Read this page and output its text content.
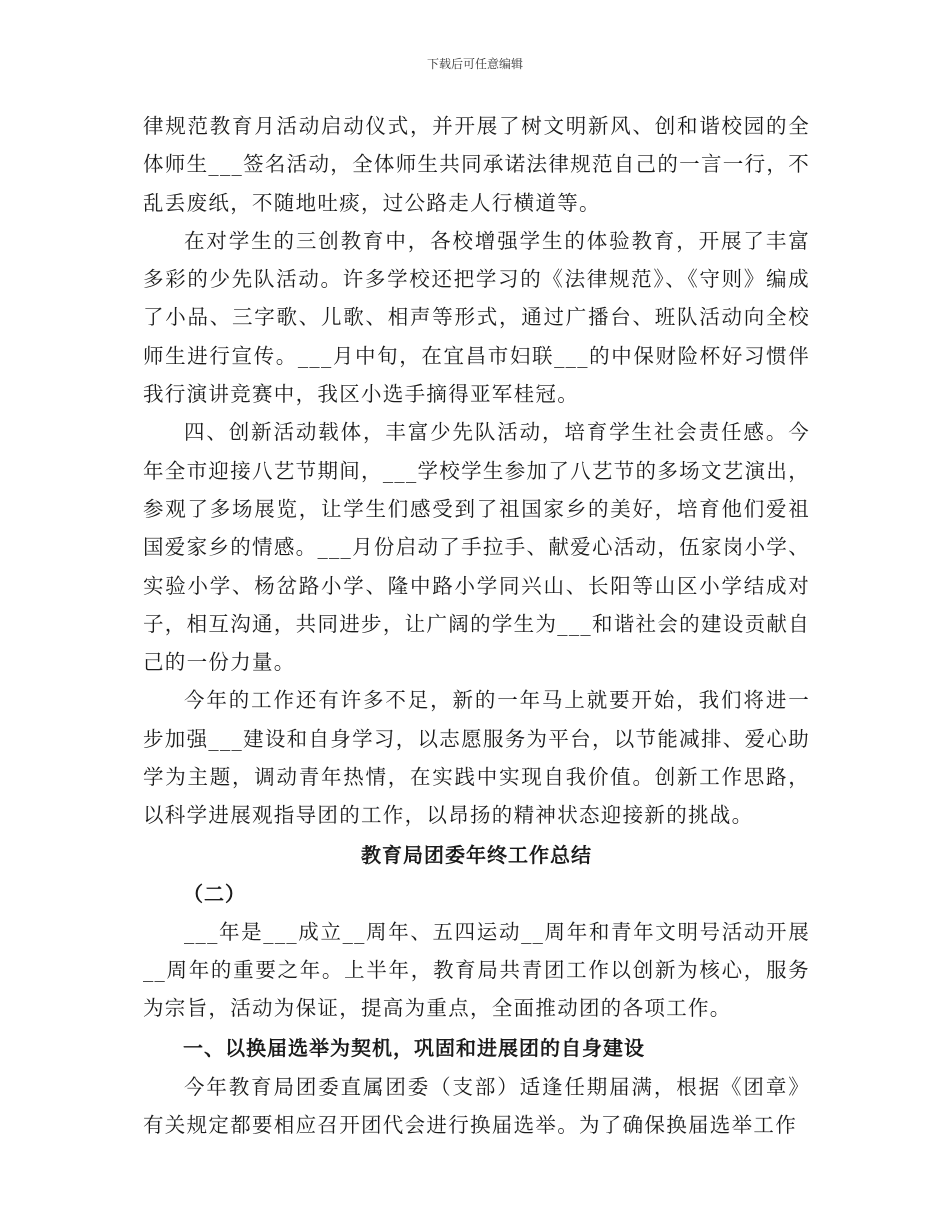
下载后可任意编辑

律规范教育月活动启动仪式，并开展了树文明新风、创和谐校园的全体师生___签名活动，全体师生共同承诺法律规范自己的一言一行，不乱丢废纸，不随地吐痰，过公路走人行横道等。

在对学生的三创教育中，各校增强学生的体验教育，开展了丰富多彩的少先队活动。许多学校还把学习的《法律规范》、《守则》编成了小品、三字歌、儿歌、相声等形式，通过广播台、班队活动向全校师生进行宣传。___月中旬，在宜昌市妇联___的中保财险杯好习惯伴我行演讲竞赛中，我区小选手摘得亚军桂冠。

四、创新活动载体，丰富少先队活动，培育学生社会责任感。今年全市迎接八艺节期间，___学校学生参加了八艺节的多场文艺演出，参观了多场展览，让学生们感受到了祖国家乡的美好，培育他们爱祖国爱家乡的情感。___月份启动了手拉手、献爱心活动，伍家岗小学、实验小学、杨岔路小学、隆中路小学同兴山、长阳等山区小学结成对子，相互沟通，共同进步，让广阔的学生为___和谐社会的建设贡献自己的一份力量。

今年的工作还有许多不足，新的一年马上就要开始，我们将进一步加强___建设和自身学习，以志愿服务为平台，以节能减排、爱心助学为主题，调动青年热情，在实践中实现自我价值。创新工作思路，以科学进展观指导团的工作，以昂扬的精神状态迎接新的挑战。

教育局团委年终工作总结
（二）

___年是___成立__周年、五四运动__周年和青年文明号活动开展__周年的重要之年。上半年，教育局共青团工作以创新为核心，服务为宗旨，活动为保证，提高为重点，全面推动团的各项工作。

一、以换届选举为契机，巩固和进展团的自身建设

今年教育局团委直属团委（支部）适逢任期届满，根据《团章》有关规定都要相应召开团代会进行换届选举。为了确保换届选举工作
